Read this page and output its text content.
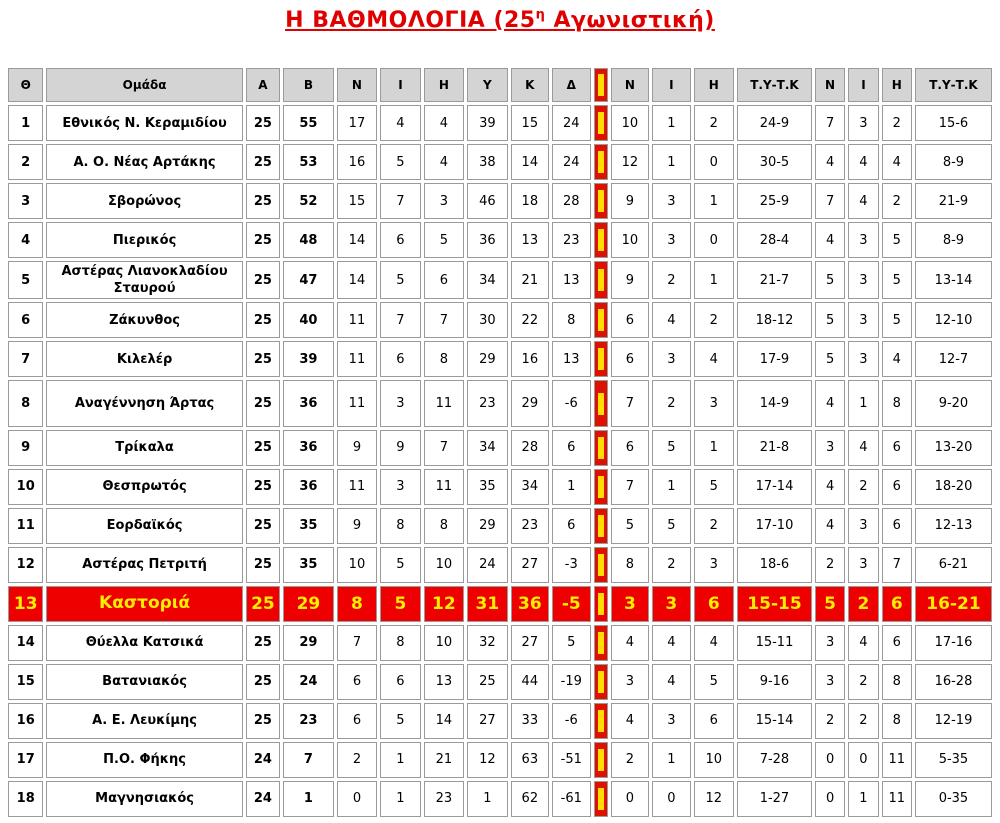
Η ΒΑΘΜΟΛΟΓΙΑ ($25^\eta$ Αγωνιστική)
Θ	Ομάδα	Α	Β	Ν	Ι	Η	Υ	Κ	Δ		Ν	Ι	Η	Τ.Υ-Τ.Κ	Ν	Ι	Η	Τ.Υ-Τ.Κ
1	Εθνικός Ν. Κεραμιδίου	25	55	17	4	4	39	15	24		10	1	2	24-9	7	3	2	15-6
2	Α. Ο. Νέας Αρτάκης	25	53	16	5	4	38	14	24		12	1	0	30-5	4	4	4	8-9
3	Σβορώνος	25	52	15	7	3	46	18	28		9	3	1	25-9	7	4	2	21-9
4	Πιερικός	25	48	14	6	5	36	13	23		10	3	0	28-4	4	3	5	8-9
5	Αστέρας Λιανοκλαδίου Σταυρού	25	47	14	5	6	34	21	13		9	2	1	21-7	5	3	5	13-14
6	Ζάκυνθος	25	40	11	7	7	30	22	8		6	4	2	18-12	5	3	5	12-10
7	Κιλελέρ	25	39	11	6	8	29	16	13		6	3	4	17-9	5	3	4	12-7
8	Αναγέννηση Άρτας	25	36	11	3	11	23	29	-6		7	2	3	14-9	4	1	8	9-20
9	Τρίκαλα	25	36	9	9	7	34	28	6		6	5	1	21-8	3	4	6	13-20
10	Θεσπρωτός	25	36	11	3	11	35	34	1		7	1	5	17-14	4	2	6	18-20
11	Εορδαϊκός	25	35	9	8	8	29	23	6		5	5	2	17-10	4	3	6	12-13
12	Αστέρας Πετριτή	25	35	10	5	10	24	27	-3		8	2	3	18-6	2	3	7	6-21
13	Καστοριά	25	29	8	5	12	31	36	-5		3	3	6	15-15	5	2	6	16-21
14	Θύελλα Κατσικά	25	29	7	8	10	32	27	5		4	4	4	15-11	3	4	6	17-16
15	Βατανιακός	25	24	6	6	13	25	44	-19		3	4	5	9-16	3	2	8	16-28
16	Α. Ε. Λευκίμης	25	23	6	5	14	27	33	-6		4	3	6	15-14	2	2	8	12-19
17	Π.Ο. Φήκης	24	7	2	1	21	12	63	-51		2	1	10	7-28	0	0	11	5-35
18	Μαγνησιακός	24	1	0	1	23	1	62	-61		0	0	12	1-27	0	1	11	0-35
